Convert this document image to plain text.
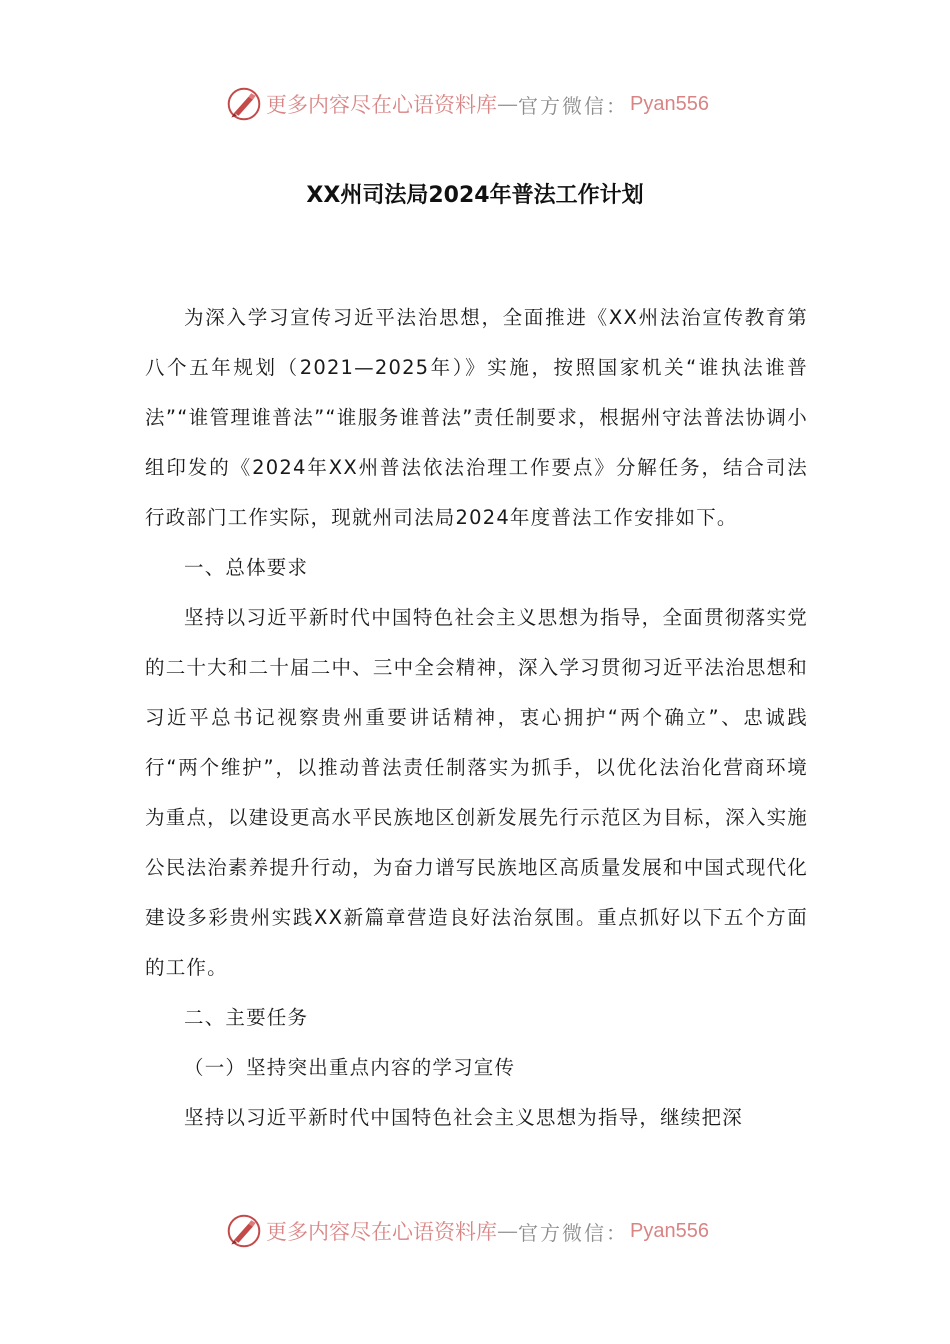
更多内容尽在心语资料库 — 官方微信： Pyan556
XX州司法局2024年普法工作计划

为深入学习宣传习近平法治思想，全面推进《XX州法治宣传教育第八个五年规划（2021—2025年）》实施，按照国家机关“谁执法谁普法”“谁管理谁普法”“谁服务谁普法”责任制要求，根据州守法普法协调小组印发的《2024年XX州普法依法治理工作要点》分解任务，结合司法行政部门工作实际，现就州司法局2024年度普法工作安排如下。

一、总体要求

坚持以习近平新时代中国特色社会主义思想为指导，全面贯彻落实党的二十大和二十届二中、三中全会精神，深入学习贯彻习近平法治思想和习近平总书记视察贵州重要讲话精神，衷心拥护“两个确立”、忠诚践行“两个维护”，以推动普法责任制落实为抓手，以优化法治化营商环境为重点，以建设更高水平民族地区创新发展先行示范区为目标，深入实施公民法治素养提升行动，为奋力谱写民族地区高质量发展和中国式现代化建设多彩贵州实践XX新篇章营造良好法治氛围。重点抓好以下五个方面的工作。

二、主要任务

（一）坚持突出重点内容的学习宣传

坚持以习近平新时代中国特色社会主义思想为指导，继续把深

更多内容尽在心语资料库 — 官方微信： Pyan556
